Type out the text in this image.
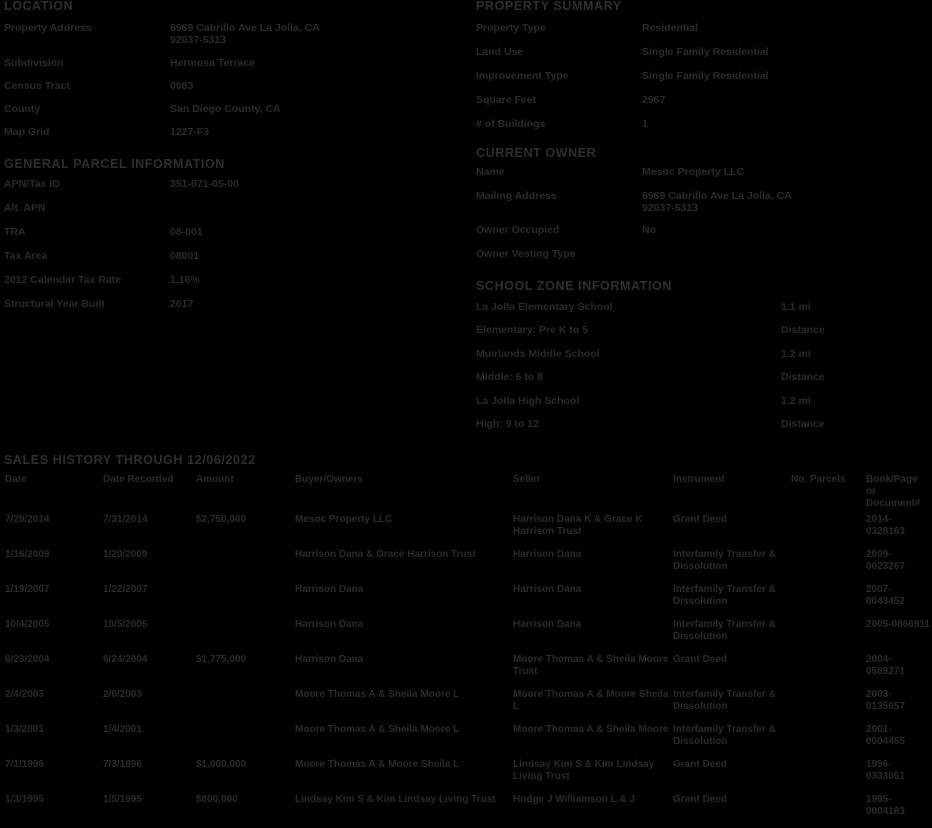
LOCATION
Property Address	6969 Cabrillo Ave La Jolla, CA 92037-5313
Subdivision	Hermosa Terrace
Census Tract	0083
County	San Diego County, CA
Map Grid	1227-F3
GENERAL PARCEL INFORMATION
APN/Tax ID	351-071-05-00
Alt. APN
TRA	08-001
Tax Area	08001
2012 Calendar Tax Rate	1.16%
Structural Year Built	2017
PROPERTY SUMMARY
Property Type	Residential
Land Use	Single Family Residential
Improvement Type	Single Family Residential
Square Feet	2967
# of Buildings	1
CURRENT OWNER
Name	Mesoc Property LLC
Mailing Address	6969 Cabrillo Ave La Jolla, CA 92037-5313
Owner Occupied	No
Owner Vesting Type
SCHOOL ZONE INFORMATION
La Jolla Elementary School	1.1 mi
Elementary: Pre K to 5	Distance
Muirlands Middle School	1.2 mi
Middle: 6 to 8	Distance
La Jolla High School	1.2 mi
High: 9 to 12	Distance
SALES HISTORY THROUGH 12/06/2022
Date	Date Recorded	Amount	Buyer/Owners	Seller	Instrument	No. Parcels	Book/Page or Document#
7/29/2014	7/31/2014	$2,750,000	Mesoc Property LLC	Harrison Dana K & Grace K Harrison Trust	Grant Deed		2014-0328163
1/16/2009	1/20/2009		Harrison Dana & Grace Harrison Trust	Harrison Dana	Interfamily Transfer & Dissolution		2009-0023267
1/19/2007	1/22/2007		Harrison Dana	Harrison Dana	Interfamily Transfer & Dissolution		2007-0043452
10/4/2005	10/5/2005		Harrison Dana	Harrison Dana	Interfamily Transfer & Dissolution		2005-0866911
6/23/2004	6/24/2004	$1,775,000	Harrison Dana	Moore Thomas A & Sheila Moore Trust	Grant Deed		2004-0589271
2/4/2003	2/6/2003		Moore Thomas A & Sheila Moore L	Moore Thomas A & Moore Sheila L	Interfamily Transfer & Dissolution		2003-0135657
1/3/2001	1/4/2001		Moore Thomas A & Sheila Moore L	Moore Thomas A & Sheila Moore	Interfamily Transfer & Dissolution		2001-0004455
7/1/1996	7/3/1996	$1,000,000	Moore Thomas A & Moore Sheila L	Lindsay Kim S & Kim Lindsay Living Trust	Grant Deed		1996-0333051
1/3/1995	1/5/1995	$800,000	Lindsay Kim S & Kim Lindsay Living Trust	Hodge J Williamson L & J	Grant Deed		1995-0004183
